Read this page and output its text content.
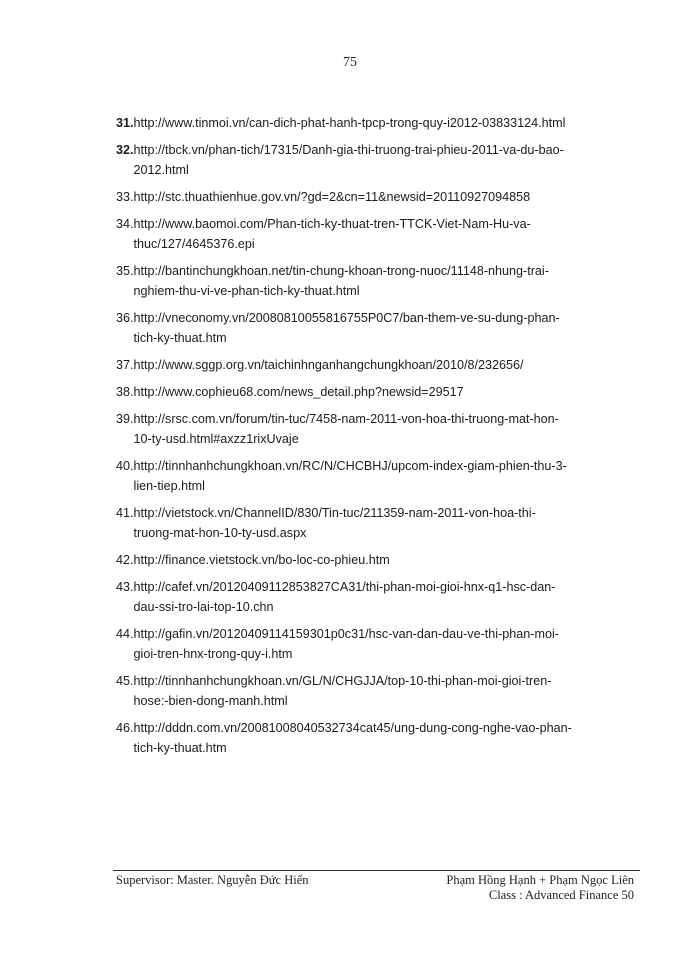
75
31. http://www.tinmoi.vn/can-dich-phat-hanh-tpcp-trong-quy-i2012-03833124.html
32. http://tbck.vn/phan-tich/17315/Danh-gia-thi-truong-trai-phieu-2011-va-du-bao-
2012.html
33. http://stc.thuathienhue.gov.vn/?gd=2&cn=11&newsid=20110927094858
34. http://www.baomoi.com/Phan-tich-ky-thuat-tren-TTCK-Viet-Nam-Hu-va-
thuc/127/4645376.epi
35. http://bantinchungkhoan.net/tin-chung-khoan-trong-nuoc/11148-nhung-trai-
nghiem-thu-vi-ve-phan-tich-ky-thuat.html
36. http://vneconomy.vn/20080810055816755P0C7/ban-them-ve-su-dung-phan-
tich-ky-thuat.htm
37. http://www.sggp.org.vn/taichinhnganhangchungkhoan/2010/8/232656/
38. http://www.cophieu68.com/news_detail.php?newsid=29517
39. http://srsc.com.vn/forum/tin-tuc/7458-nam-2011-von-hoa-thi-truong-mat-hon-
10-ty-usd.html#axzz1rixUvaje
40. http://tinnhanhchungkhoan.vn/RC/N/CHCBHJ/upcom-index-giam-phien-thu-3-
lien-tiep.html
41. http://vietstock.vn/ChannelID/830/Tin-tuc/211359-nam-2011-von-hoa-thi-
truong-mat-hon-10-ty-usd.aspx
42. http://finance.vietstock.vn/bo-loc-co-phieu.htm
43. http://cafef.vn/20120409112853827CA31/thi-phan-moi-gioi-hnx-q1-hsc-dan-
dau-ssi-tro-lai-top-10.chn
44. http://gafin.vn/20120409114159301p0c31/hsc-van-dan-dau-ve-thi-phan-moi-
gioi-tren-hnx-trong-quy-i.htm
45. http://tinnhanhchungkhoan.vn/GL/N/CHGJJA/top-10-thi-phan-moi-gioi-tren-
hose:-bien-dong-manh.html
46. http://dddn.com.vn/20081008040532734cat45/ung-dung-cong-nghe-vao-phan-
tich-ky-thuat.htm
Supervisor: Master. Nguyễn Đức Hiển	Phạm Hồng Hạnh + Phạm Ngọc Liên
Class : Advanced Finance 50
